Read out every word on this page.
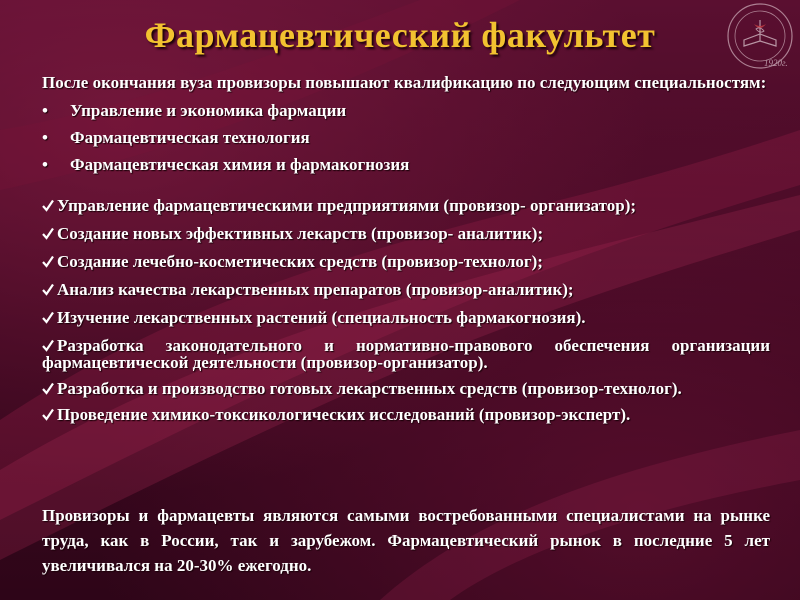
1920г.
Фармацевтический факультет

После окончания вуза провизоры повышают квалификацию по следующим специальностям:

• Управление и экономика фармации
• Фармацевтическая технология
• Фармацевтическая химия и фармакогнозия
Управление фармацевтическими предприятиями (провизор- организатор);
Создание новых эффективных лекарств (провизор- аналитик);
Создание лечебно-косметических средств (провизор-технолог);
Анализ качества лекарственных препаратов (провизор-аналитик);
Изучение лекарственных растений (специальность фармакогнозия).
Разработка законодательного и нормативно-правового обеспечения организации фармацевтической деятельности (провизор-организатор).
Разработка и производство готовых лекарственных средств (провизор-технолог).
Проведение химико-токсикологических исследований (провизор-эксперт).

Провизоры и фармацевты являются самыми востребованными специалистами на рынке труда, как в России, так и зарубежом. Фармацевтический рынок в последние 5 лет увеличивался на 20-30% ежегодно.
